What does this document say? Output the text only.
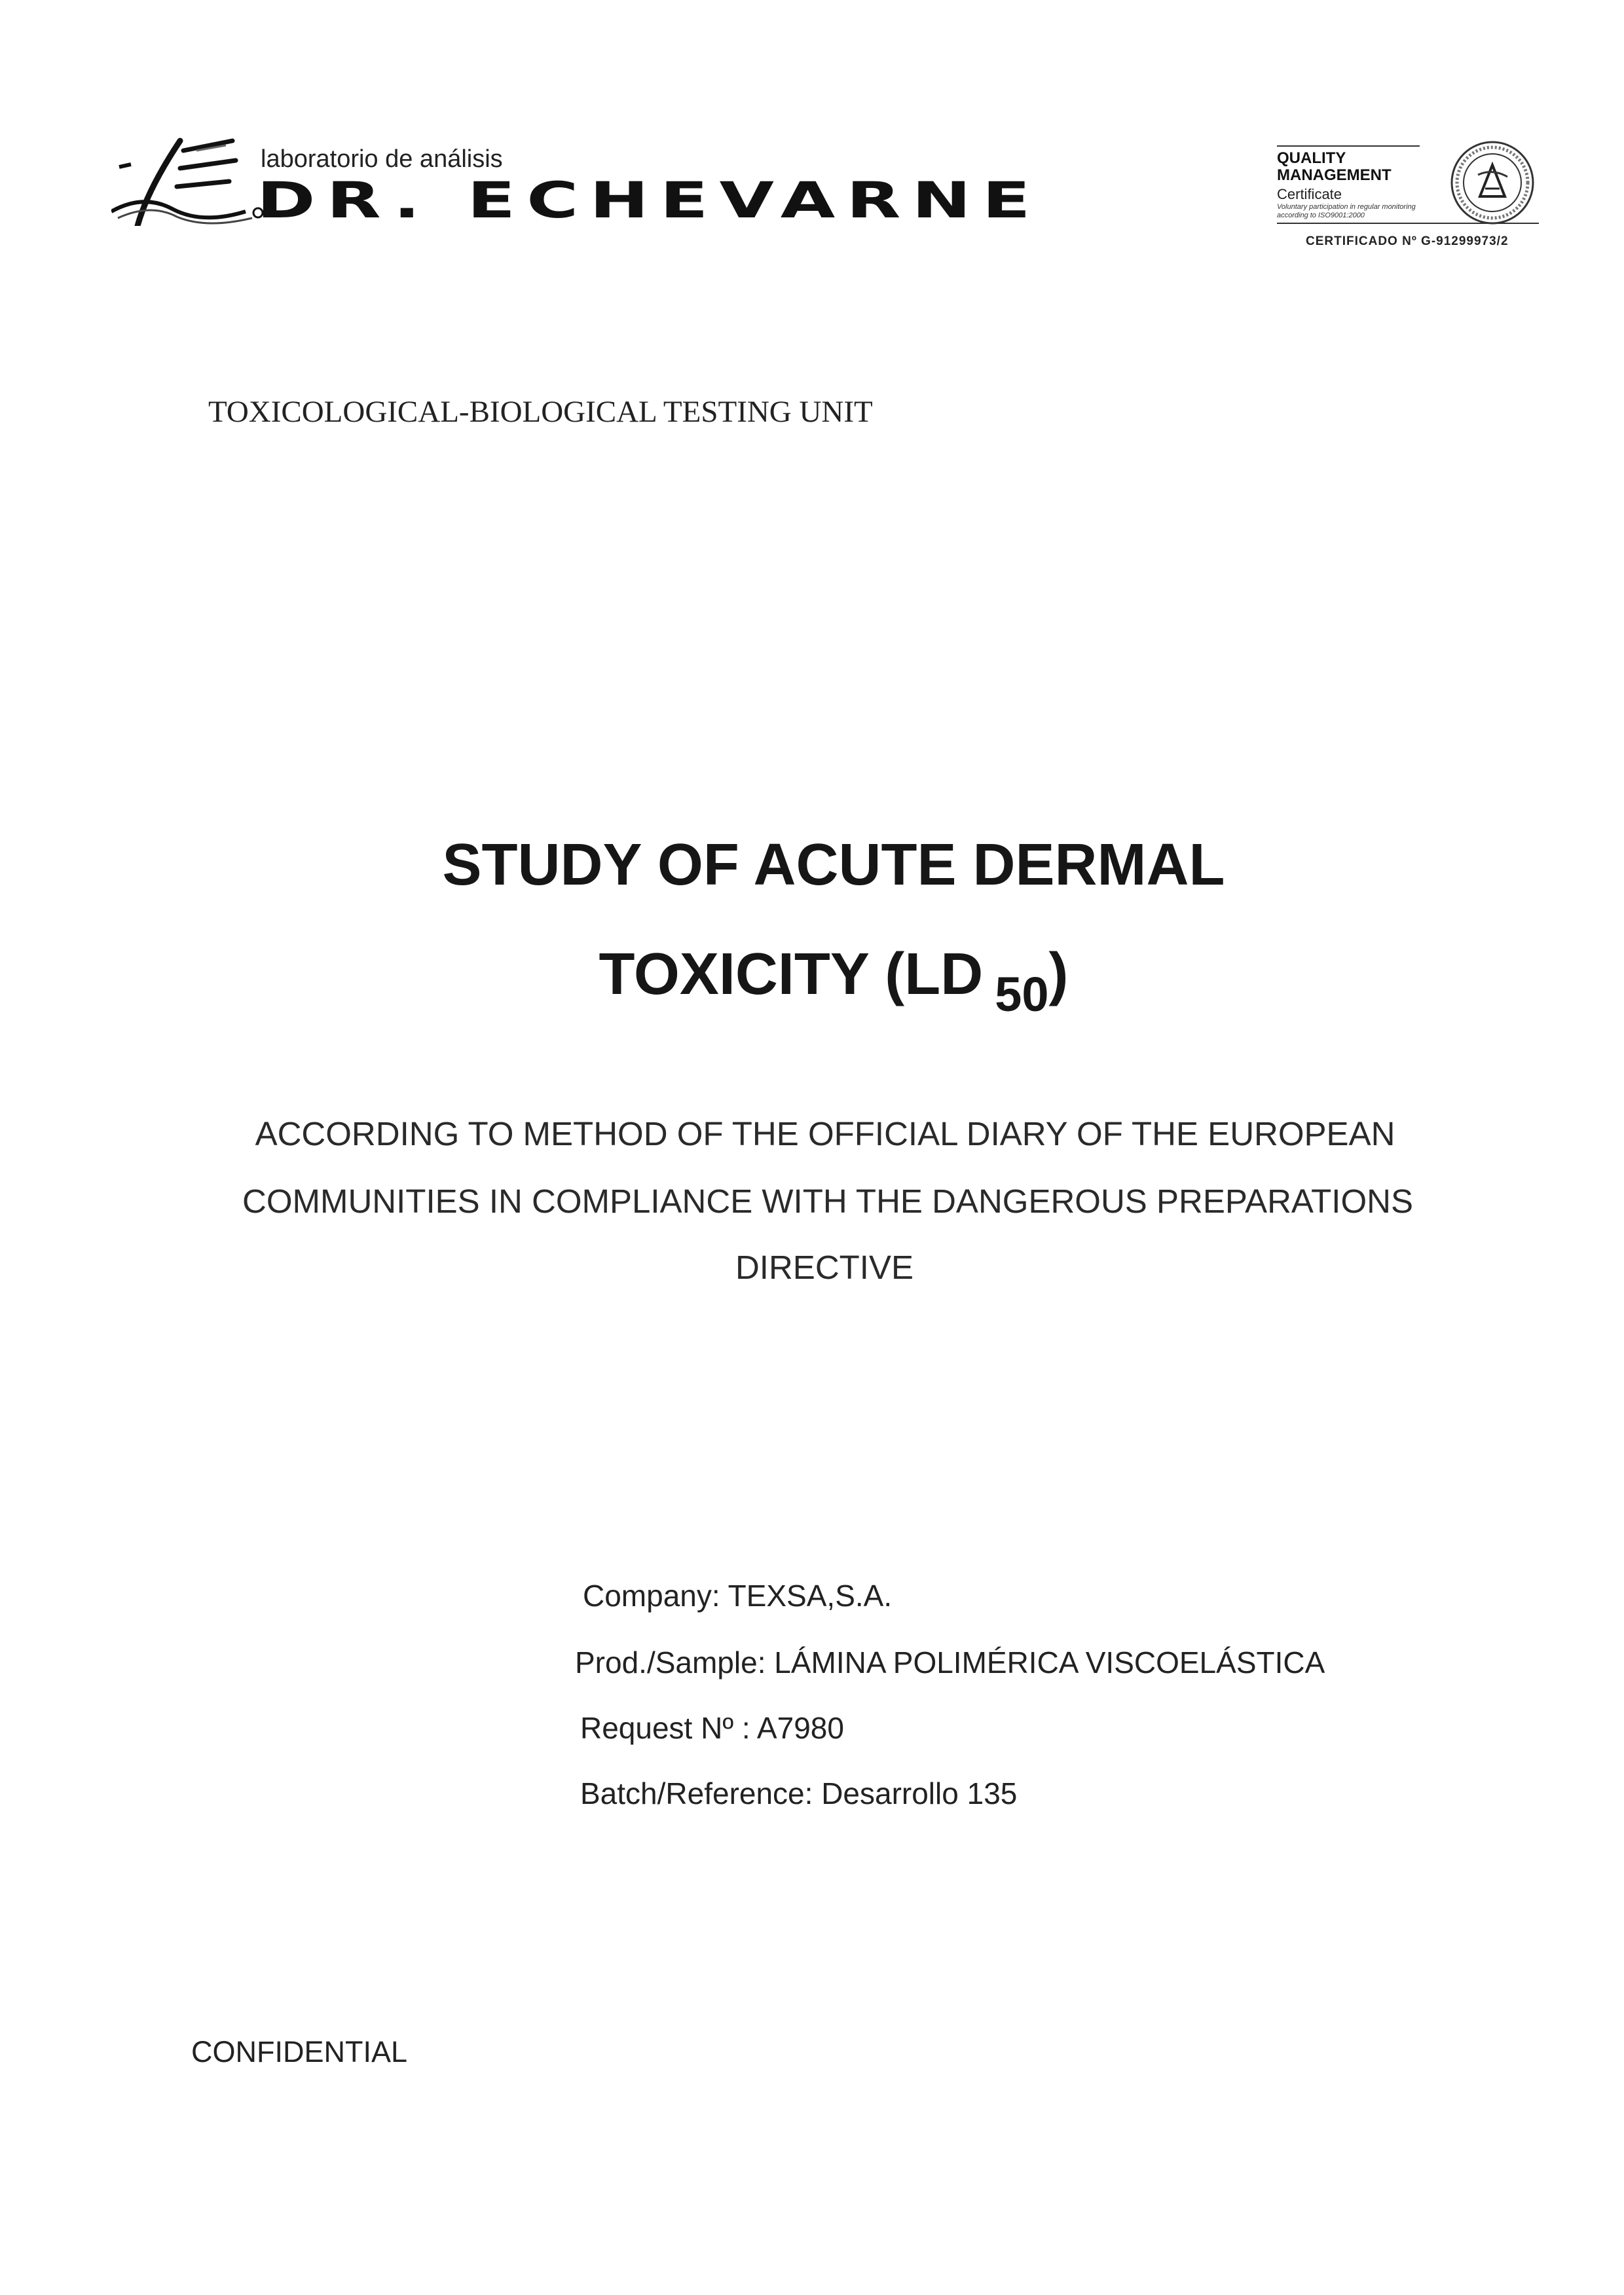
laboratorio de análisis
DR. ECHEVARNE
QUALITY
MANAGEMENT
Certificate
Voluntary participation in regular monitoring according to ISO9001:2000
CERTIFICADO Nº G-91299973/2
TOXICOLOGICAL-BIOLOGICAL TESTING UNIT
STUDY OF ACUTE DERMAL
TOXICITY (LD $_{50}$)
ACCORDING TO METHOD OF THE OFFICIAL DIARY OF THE EUROPEAN
COMMUNITIES IN COMPLIANCE WITH THE DANGEROUS PREPARATIONS
DIRECTIVE
Company: TEXSA,S.A.
Prod./Sample: LÁMINA POLIMÉRICA VISCOELÁSTICA
Request Nº : A7980
Batch/Reference: Desarrollo 135
CONFIDENTIAL
